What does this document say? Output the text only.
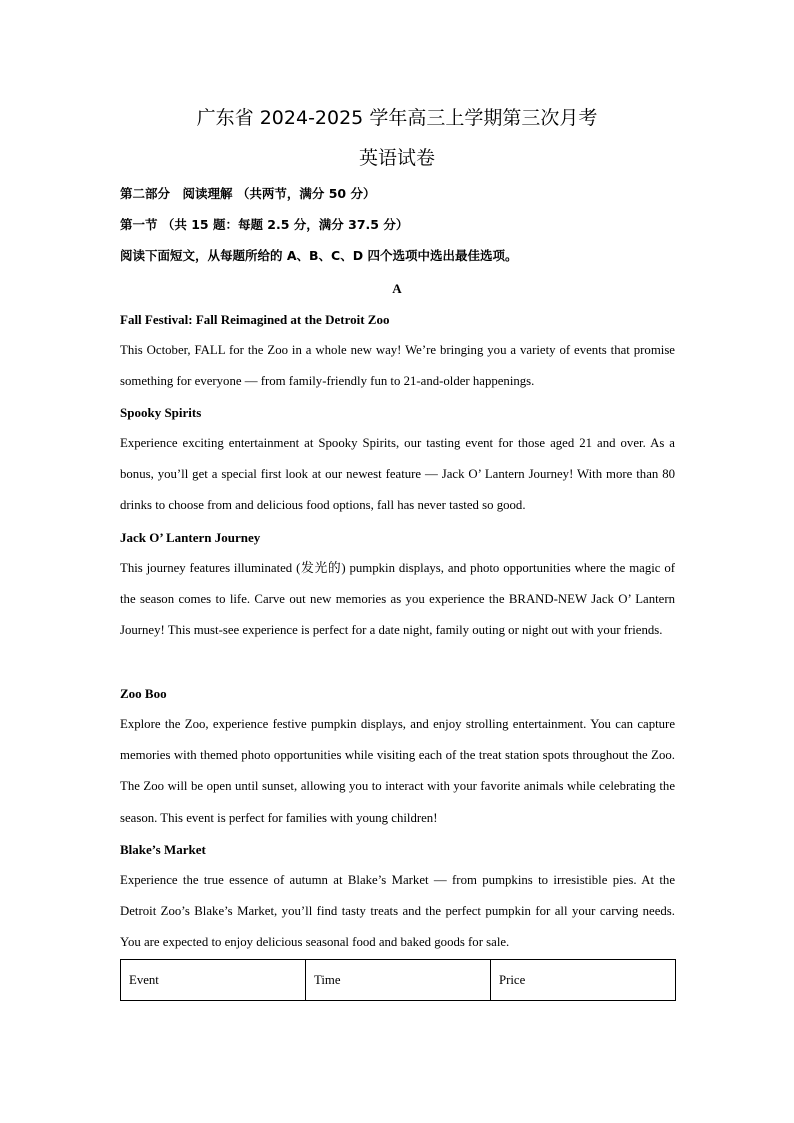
广东省 2024-2025 学年高三上学期第三次月考
英语试卷
第二部分　阅读理解 （共两节，满分 50 分）
第一节 （共 15 题：每题 2.5 分，满分 37.5 分）
阅读下面短文，从每题所给的 A、B、C、D 四个选项中选出最佳选项。
A
Fall Festival: Fall Reimagined at the Detroit Zoo

This October, FALL for the Zoo in a whole new way! We’re bringing you a variety of events that promise something for everyone — from family-friendly fun to 21-and-older happenings.

Spooky Spirits

Experience exciting entertainment at Spooky Spirits, our tasting event for those aged 21 and over. As a bonus, you’ll get a special first look at our newest feature — Jack O’ Lantern Journey! With more than 80 drinks to choose from and delicious food options, fall has never tasted so good.

Jack O’ Lantern Journey

This journey features illuminated (发光的) pumpkin displays, and photo opportunities where the magic of the season comes to life. Carve out new memories as you experience the BRAND-NEW Jack O’ Lantern Journey! This must-see experience is perfect for a date night, family outing or night out with your friends.

Zoo Boo

Explore the Zoo, experience festive pumpkin displays, and enjoy strolling entertainment. You can capture memories with themed photo opportunities while visiting each of the treat station spots throughout the Zoo. The Zoo will be open until sunset, allowing you to interact with your favorite animals while celebrating the season. This event is perfect for families with young children!

Blake’s Market

Experience the true essence of autumn at Blake’s Market — from pumpkins to irresistible pies. At the Detroit Zoo’s Blake’s Market, you’ll find tasty treats and the perfect pumpkin for all your carving needs. You are expected to enjoy delicious seasonal food and baked goods for sale.

Event	Time	Price
